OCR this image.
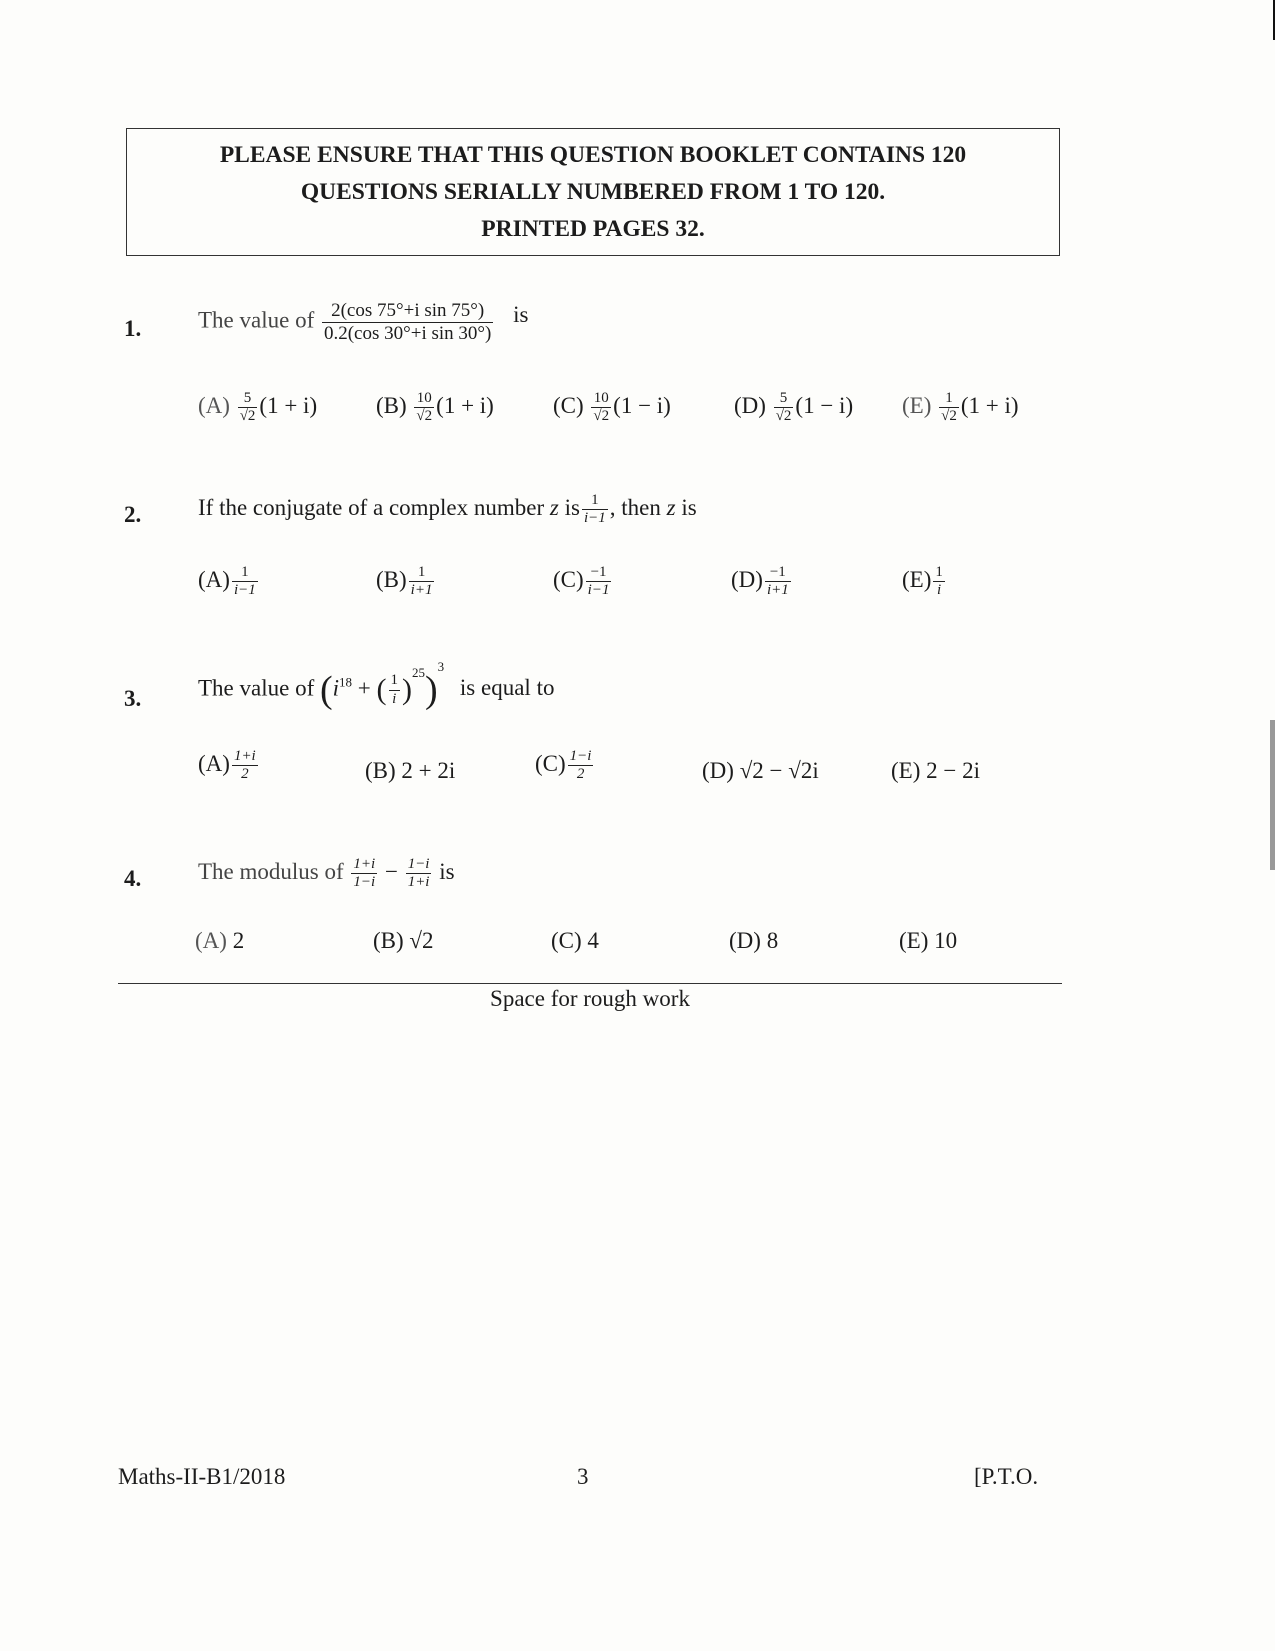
PLEASE ENSURE THAT THIS QUESTION BOOKLET CONTAINS 120
QUESTIONS SERIALLY NUMBERED FROM 1 TO 120.
PRINTED PAGES 32.
1. The value of $\frac{\text{2(cos 75°+i sin 75°)}}{\text{0.2(cos 30°+i sin 30°)}}$ is
$(A) \frac{5}{√2} (1 + i)$	$(B) \frac{10}{√2} (1 + i)$	$(C) \frac{10}{√2} (1 - i)$	$(D) \frac{5}{√2} (1 - i)$ $(E) \frac{1}{√2} (1 + i)$
2. If the conjugate of a complex number z is $\frac{1}{i-1}$ , then z is
$(A) \frac{1}{i-1}$	$(B) \frac{1}{i+1}$	$(C) \frac{-1}{i-1}$	$(D) \frac{-1}{i+1}$	$(E) \frac{1}{i}$
3. The value of ($i^{18}$ + ( $\frac{1}{i} )^{25})^3$ is equal to
$(A) \frac{1+i}{2}$	(B) 2 + 2i	$(C) \frac{1-i}{2}$	(D) √2 − √2i	(E) 2 − 2i
4. The modulus of $\frac{1+i}{1-i} - \frac{1-i}{1+i}$ is
(A) 2	(B) √2	(C) 4	(D) 8	(E) 10
Space for rough work
Maths-II-B1/2018	3	[P.T.O.
